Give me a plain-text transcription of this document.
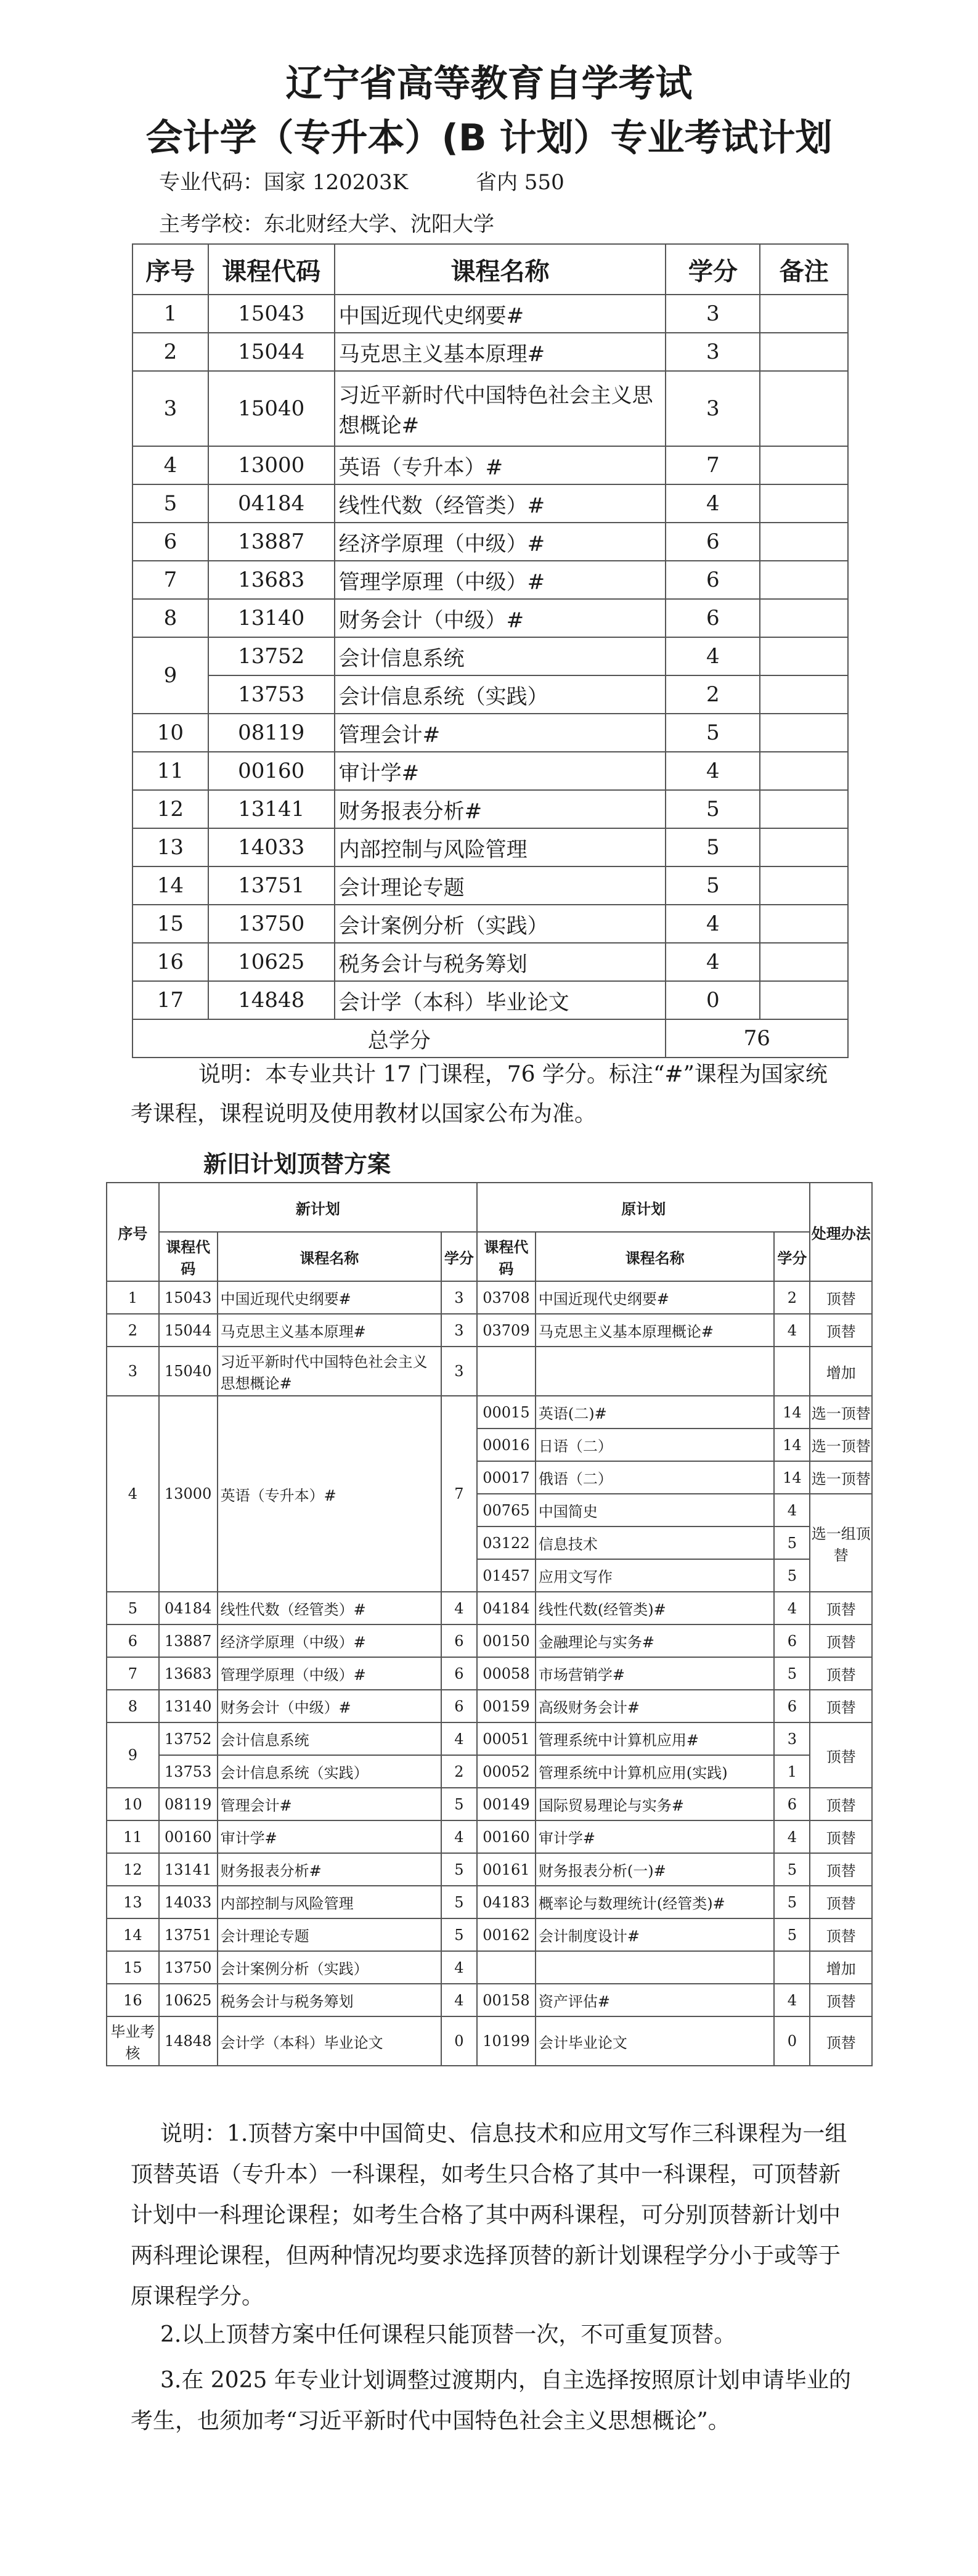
辽宁省高等教育自学考试
会计学（专升本）(B 计划）专业考试计划
专业代码：国家 120203K	省内 550
主考学校：东北财经大学、沈阳大学
序号	课程代码	课程名称	学分	备注
1	15043	中国近现代史纲要#	3	
2	15044	马克思主义基本原理#	3	
3	15040	习近平新时代中国特色社会主义思想概论#	3	
4	13000	英语（专升本）#	7	
5	04184	线性代数（经管类）#	4	
6	13887	经济学原理（中级）#	6	
7	13683	管理学原理（中级）#	6	
8	13140	财务会计（中级）#	6	
9	13752	会计信息系统	4	
	13753	会计信息系统（实践）	2	
10	08119	管理会计#	5	
11	00160	审计学#	4	
12	13141	财务报表分析#	5	
13	14033	内部控制与风险管理	5	
14	13751	会计理论专题	5	
15	13750	会计案例分析（实践）	4	
16	10625	税务会计与税务筹划	4	
17	14848	会计学（本科）毕业论文	0	
总学分			76	
说明：本专业共计 17 门课程，76 学分。标注“#”课程为国家统考课程，课程说明及使用教材以国家公布为准。
新旧计划顶替方案
序号	新计划			原计划			处理办法
	课程代码	课程名称	学分	课程代码	课程名称	学分	
1	15043	中国近现代史纲要#	3	03708	中国近现代史纲要#	2	顶替
2	15044	马克思主义基本原理#	3	03709	马克思主义基本原理概论#	4	顶替
3	15040	习近平新时代中国特色社会主义思想概论#	3				增加
4	13000	英语（专升本）#	7	00015	英语(二)#	14	选一顶替
				00016	日语（二）	14	选一顶替
				00017	俄语（二）	14	选一顶替
				00765	中国简史	4	选一组顶替
				03122	信息技术	5	
				01457	应用文写作	5	
5	04184	线性代数（经管类）#	4	04184	线性代数(经管类)#	4	顶替
6	13887	经济学原理（中级）#	6	00150	金融理论与实务#	6	顶替
7	13683	管理学原理（中级）#	6	00058	市场营销学#	5	顶替
8	13140	财务会计（中级）#	6	00159	高级财务会计#	6	顶替
9	13752	会计信息系统	4	00051	管理系统中计算机应用#	3	顶替
	13753	会计信息系统（实践）	2	00052	管理系统中计算机应用(实践)	1	
10	08119	管理会计#	5	00149	国际贸易理论与实务#	6	顶替
11	00160	审计学#	4	00160	审计学#	4	顶替
12	13141	财务报表分析#	5	00161	财务报表分析(一)#	5	顶替
13	14033	内部控制与风险管理	5	04183	概率论与数理统计(经管类)#	5	顶替
14	13751	会计理论专题	5	00162	会计制度设计#	5	顶替
15	13750	会计案例分析（实践）	4				增加
16	10625	税务会计与税务筹划	4	00158	资产评估#	4	顶替
毕业考核	14848	会计学（本科）毕业论文	0	10199	会计毕业论文	0	顶替
说明：1.顶替方案中中国简史、信息技术和应用文写作三科课程为一组顶替英语（专升本）一科课程，如考生只合格了其中一科课程，可顶替新计划中一科理论课程；如考生合格了其中两科课程，可分别顶替新计划中两科理论课程，但两种情况均要求选择顶替的新计划课程学分小于或等于原课程学分。
2.以上顶替方案中任何课程只能顶替一次，不可重复顶替。
3.在 2025 年专业计划调整过渡期内，自主选择按照原计划申请毕业的考生，也须加考“习近平新时代中国特色社会主义思想概论”。
